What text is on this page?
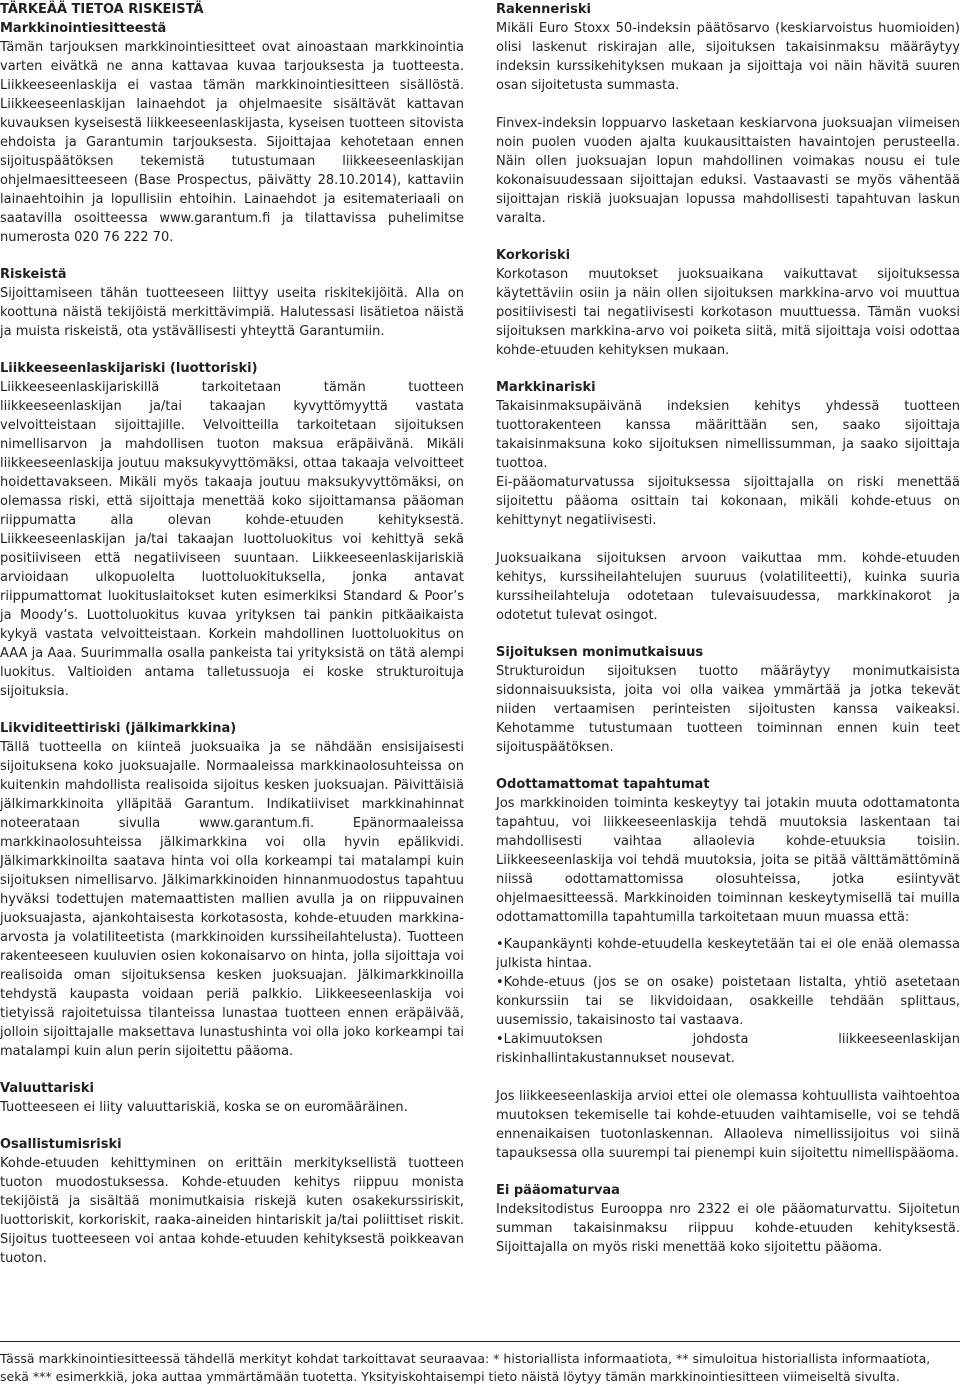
TÄRKEÄÄ TIETOA RISKEISTÄ

Markkinointiesitteestä

Tämän tarjouksen markkinointiesitteet ovat ainoastaan markkinointia varten eivätkä ne anna kattavaa kuvaa tarjouksesta ja tuotteesta. Liikkeeseenlaskija ei vastaa tämän markkinointiesitteen sisällöstä. Liikkeeseenlaskijan lainaehdot ja ohjelmaesite sisältävät kattavan kuvauksen kyseisestä liikkeeseenlaskijasta, kyseisen tuotteen sitovista ehdoista ja Garantumin tarjouksesta. Sijoittajaa kehotetaan ennen sijoituspäätöksen tekemistä tutustumaan liikkeeseenlaskijan ohjelmaesitteeseen (Base Prospectus, päivätty 28.10.2014), kattaviin lainaehtoihin ja lopullisiin ehtoihin. Lainaehdot ja esitemateriaali on saatavilla osoitteessa www.garantum.fi ja tilattavissa puhelimitse numerosta 020 76 222 70.

Riskeistä

Sijoittamiseen tähän tuotteeseen liittyy useita riskitekijöitä. Alla on koottuna näistä tekijöistä merkittävimpiä. Halutessasi lisätietoa näistä ja muista riskeistä, ota ystävällisesti yhteyttä Garantumiin.

Liikkeeseenlaskijariski (luottoriski)

Liikkeeseenlaskijariskillä tarkoitetaan tämän tuotteen liikkeeseenlaskijan ja/tai takaajan kyvyttömyyttä vastata velvoitteistaan sijoittajille. Velvoitteilla tarkoitetaan sijoituksen nimellisarvon ja mahdollisen tuoton maksua eräpäivänä. Mikäli liikkeeseenlaskija joutuu maksukyvyttömäksi, ottaa takaaja velvoitteet hoidettavakseen. Mikäli myös takaaja joutuu maksukyvyttömäksi, on olemassa riski, että sijoittaja menettää koko sijoittamansa pääoman riippumatta alla olevan kohde-etuuden kehityksestä. Liikkeeseenlaskijan ja/tai takaajan luottoluokitus voi kehittyä sekä positiiviseen että negatiiviseen suuntaan. Liikkeeseenlaskijariskiä arvioidaan ulkopuolelta luottoluokituksella, jonka antavat riippumattomat luokituslaitokset kuten esimerkiksi Standard & Poor’s ja Moody’s. Luottoluokitus kuvaa yrityksen tai pankin pitkäaikaista kykyä vastata velvoitteistaan. Korkein mahdollinen luottoluokitus on AAA ja Aaa. Suurimmalla osalla pankeista tai yrityksistä on tätä alempi luokitus. Valtioiden antama talletussuoja ei koske strukturoituja sijoituksia.

Likviditeettiriski (jälkimarkkina)

Tällä tuotteella on kiinteä juoksuaika ja se nähdään ensisijaisesti sijoituksena koko juoksuajalle. Normaaleissa markkinaolosuhteissa on kuitenkin mahdollista realisoida sijoitus kesken juoksuajan. Päivittäisiä jälkimarkkinoita ylläpitää Garantum. Indikatiiviset markkinahinnat noteerataan sivulla www.garantum.fi. Epänormaaleissa markkinaolosuhteissa jälkimarkkina voi olla hyvin epälikvidi. Jälkimarkkinoilta saatava hinta voi olla korkeampi tai matalampi kuin sijoituksen nimellisarvo. Jälkimarkkinoiden hinnanmuodostus tapahtuu hyväksi todettujen matemaattisten mallien avulla ja on riippuvainen juoksuajasta, ajankohtaisesta korkotasosta, kohde-etuuden markkina-arvosta ja volatiliteetista (markkinoiden kurssiheilahtelusta). Tuotteen rakenteeseen kuuluvien osien kokonaisarvo on hinta, jolla sijoittaja voi realisoida oman sijoituksensa kesken juoksuajan. Jälkimarkkinoilla tehdystä kaupasta voidaan periä palkkio. Liikkeeseenlaskija voi tietyissä rajoitetuissa tilanteissa lunastaa tuotteen ennen eräpäivää, jolloin sijoittajalle maksettava lunastushinta voi olla joko korkeampi tai matalampi kuin alun perin sijoitettu pääoma.

Valuuttariski

Tuotteeseen ei liity valuuttariskiä, koska se on euromääräinen.

Osallistumisriski

Kohde-etuuden kehittyminen on erittäin merkityksellistä tuotteen tuoton muodostuksessa. Kohde-etuuden kehitys riippuu monista tekijöistä ja sisältää monimutkaisia riskejä kuten osakekurssiriskit, luottoriskit, korkoriskit, raaka-aineiden hintariskit ja/tai poliittiset riskit. Sijoitus tuotteeseen voi antaa kohde-etuuden kehityksestä poikkeavan tuoton.

Rakenneriski

Mikäli Euro Stoxx 50-indeksin päätösarvo (keskiarvoistus huomioiden) olisi laskenut riskirajan alle, sijoituksen takaisinmaksu määräytyy indeksin kurssikehityksen mukaan ja sijoittaja voi näin hävitä suuren osan sijoitetusta summasta.

Finvex-indeksin loppuarvo lasketaan keskiarvona juoksuajan viimeisen noin puolen vuoden ajalta kuukausittaisten havaintojen perusteella. Näin ollen juoksuajan lopun mahdollinen voimakas nousu ei tule kokonaisuudessaan sijoittajan eduksi. Vastaavasti se myös vähentää sijoittajan riskiä juoksuajan lopussa mahdollisesti tapahtuvan laskun varalta.

Korkoriski

Korkotason muutokset juoksuaikana vaikuttavat sijoituksessa käytettäviin osiin ja näin ollen sijoituksen markkina-arvo voi muuttua positiivisesti tai negatiivisesti korkotason muuttuessa. Tämän vuoksi sijoituksen markkina-arvo voi poiketa siitä, mitä sijoittaja voisi odottaa kohde-etuuden kehityksen mukaan.

Markkinariski

Takaisinmaksupäivänä indeksien kehitys yhdessä tuotteen tuottorakenteen kanssa määrittään sen, saako sijoittaja takaisinmaksuna koko sijoituksen nimellissumman, ja saako sijoittaja tuottoa.

Ei-pääomaturvatussa sijoituksessa sijoittajalla on riski menettää sijoitettu pääoma osittain tai kokonaan, mikäli kohde-etuus on kehittynyt negatiivisesti.

Juoksuaikana sijoituksen arvoon vaikuttaa mm. kohde-etuuden kehitys, kurssiheilahtelujen suuruus (volatiliteetti), kuinka suuria kurssiheilahteluja odotetaan tulevaisuudessa, markkinakorot ja odotetut tulevat osingot.

Sijoituksen monimutkaisuus

Strukturoidun sijoituksen tuotto määräytyy monimutkaisista sidonnaisuuksista, joita voi olla vaikea ymmärtää ja jotka tekevät niiden vertaamisen perinteisten sijoitusten kanssa vaikeaksi. Kehotamme tutustumaan tuotteen toiminnan ennen kuin teet sijoituspäätöksen.

Odottamattomat tapahtumat

Jos markkinoiden toiminta keskeytyy tai jotakin muuta odottamatonta tapahtuu, voi liikkeeseenlaskija tehdä muutoksia laskentaan tai mahdollisesti vaihtaa allaolevia kohde-etuuksia toisiin. Liikkeeseenlaskija voi tehdä muutoksia, joita se pitää välttämättöminä niissä odottamattomissa olosuhteissa, jotka esiintyvät ohjelmaesitteessä. Markkinoiden toiminnan keskeytymisellä tai muilla odottamattomilla tapahtumilla tarkoitetaan muun muassa että:

• Kaupankäynti kohde-etuudella keskeytetään tai ei ole enää olemassa julkista hintaa.
• Kohde-etuus (jos se on osake) poistetaan listalta, yhtiö asetetaan konkurssiin tai se likvidoidaan, osakkeille tehdään splittaus, uusemissio, takaisinosto tai vastaava.
• Lakimuutoksen johdosta liikkeeseenlaskijan riskinhallintakustannukset nousevat.

Jos liikkeeseenlaskija arvioi ettei ole olemassa kohtuullista vaihtoehtoa muutoksen tekemiselle tai kohde-etuuden vaihtamiselle, voi se tehdä ennenaikaisen tuotonlaskennan. Allaoleva nimellissijoitus voi siinä tapauksessa olla suurempi tai pienempi kuin sijoitettu nimellispääoma.

Ei pääomaturvaa

Indeksitodistus Eurooppa nro 2322 ei ole pääomaturvattu. Sijoitetun summan takaisinmaksu riippuu kohde-etuuden kehityksestä. Sijoittajalla on myös riski menettää koko sijoitettu pääoma.

Tässä markkinointiesitteessä tähdellä merkityt kohdat tarkoittavat seuraavaa: * historiallista informaatiota, ** simuloitua historiallista informaatiota, sekä *** esimerkkiä, joka auttaa ymmärtämään tuotetta. Yksityiskohtaisempi tieto näistä löytyy tämän markkinointiesitteen viimeiseltä sivulta.
